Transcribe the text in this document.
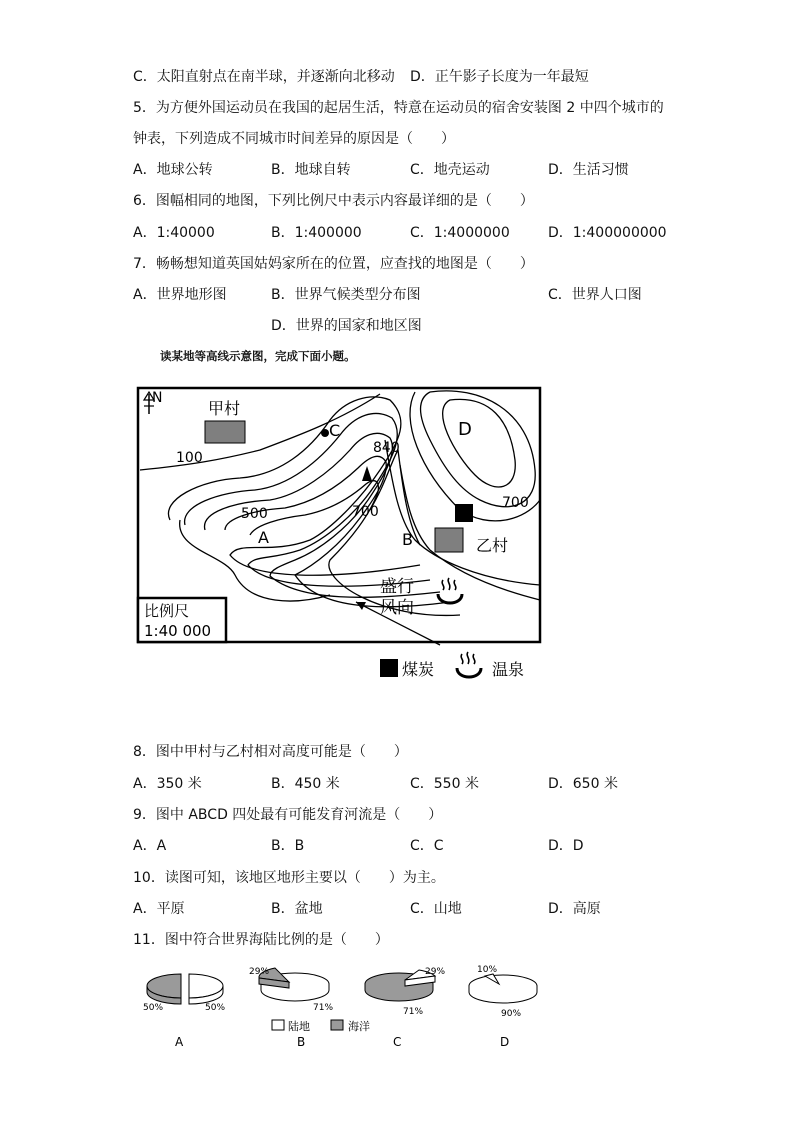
C．太阳直射点在南半球，并逐渐向北移动 D．正午影子长度为一年最短
5．为方便外国运动员在我国的起居生活，特意在运动员的宿舍安装图 2 中四个城市的
钟表，下列造成不同城市时间差异的原因是（　　）
A．地球公转	B．地球自转	C．地壳运动	D．生活习惯
6．图幅相同的地图，下列比例尺中表示内容最详细的是（　　）
A．1:40000	B．1:400000	C．1:4000000	D．1:400000000
7．畅畅想知道英国姑妈家所在的位置，应查找的地图是（　　）
A．世界地形图	B．世界气候类型分布图	C．世界人口图
D．世界的国家和地区图
读某地等高线示意图，完成下面小题。
N
甲村
乙村
100
500	700
700
840
A	B
C	D
盛行
风向
比例尺
1:40 000
煤炭	温泉
8．图中甲村与乙村相对高度可能是（　　）
A．350 米	B．450 米	C．550 米	D．650 米
9．图中 ABCD 四处最有可能发育河流是（　　）
A．A	B．B	C．C	D．D
10．读图可知，该地区地形主要以（　　）为主。
A．平原	B．盆地	C．山地	D．高原
11．图中符合世界海陆比例的是（　　）
50%	50%
A
29%
71%
B
29%
71%
C
10%
90%
D
陆地	海洋
